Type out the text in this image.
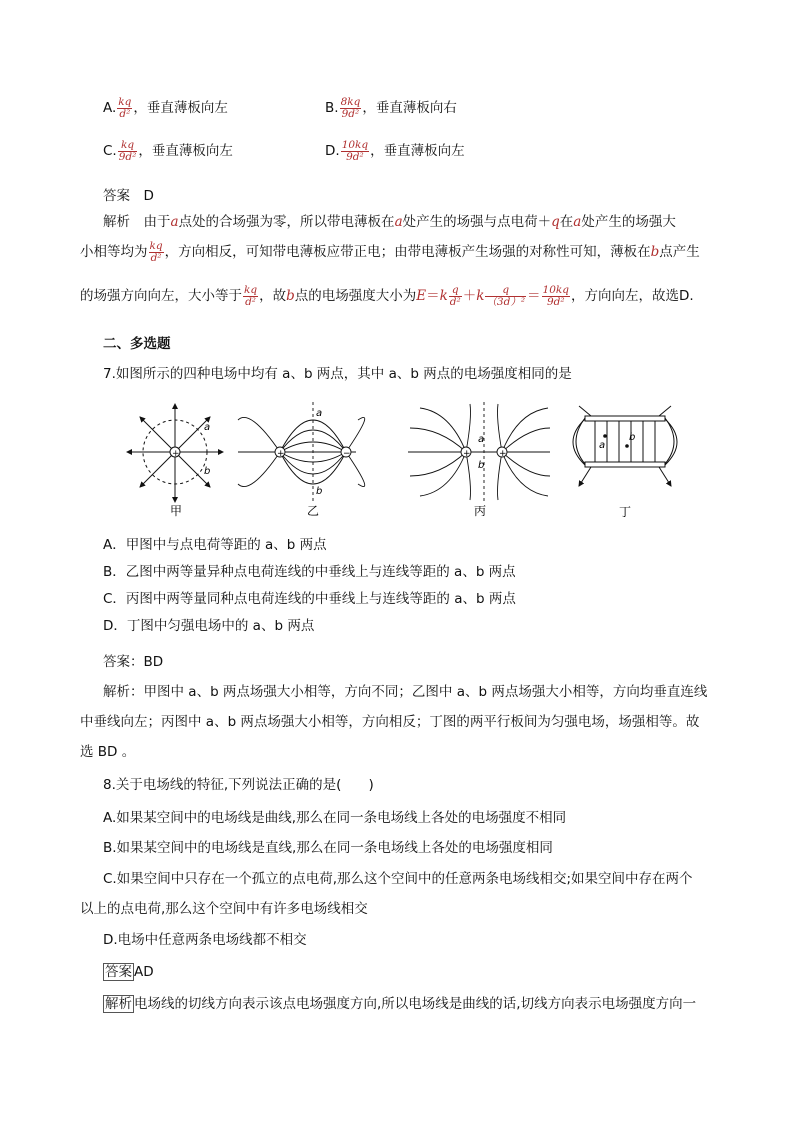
A. $\frac{kq}{\text{d²}}$ ，垂直薄板向左	B. $\frac{8kq}{\text{9d²}}$ ，垂直薄板向右
C. $\frac{kq}{\text{9d²}}$ ，垂直薄板向左	D. $\frac{10kq}{\text{9d²}}$ ，垂直薄板向左
答案　D
解析　由于a点处的合场强为零，所以带电薄板在a处产生的场强与点电荷＋q在a处产生的场强大
小相等均为 $\frac{kq}{\text{d²}}$ ，方向相反，可知带电薄板应带正电；由带电薄板产生场强的对称性可知，薄板在b点产生
的场强方向向左，大小等于 $\frac{kq}{\text{d²}}$ ，故b点的电场强度大小为$E=k \frac{q}{\text{d²}} +k \frac{q}{\text{（3d）²}} = \frac{10kq}{\text{9d²}}$ ，方向向左，故选D.
二、多选题
7.如图所示的四种电场中均有 a、b 两点，其中 a、b 两点的电场强度相同的是
+
a
b
甲
+	−
a
b
乙
+	+
a
b
丙
a
b
丁
A．甲图中与点电荷等距的 a、b 两点
B．乙图中两等量异种点电荷连线的中垂线上与连线等距的 a、b 两点
C．丙图中两等量同种点电荷连线的中垂线上与连线等距的 a、b 两点
D．丁图中匀强电场中的 a、b 两点
答案：BD
解析：甲图中 a、b 两点场强大小相等，方向不同；乙图中 a、b 两点场强大小相等，方向均垂直连线
中垂线向左；丙图中 a、b 两点场强大小相等，方向相反；丁图的两平行板间为匀强电场，场强相等。故
选 BD 。
8.关于电场线的特征,下列说法正确的是(　　)
A.如果某空间中的电场线是曲线,那么在同一条电场线上各处的电场强度不相同
B.如果某空间中的电场线是直线,那么在同一条电场线上各处的电场强度相同
C.如果空间中只存在一个孤立的点电荷,那么这个空间中的任意两条电场线相交;如果空间中存在两个
以上的点电荷,那么这个空间中有许多电场线相交
D.电场中任意两条电场线都不相交
答案 AD
解析 电场线的切线方向表示该点电场强度方向,所以电场线是曲线的话,切线方向表示电场强度方向一
